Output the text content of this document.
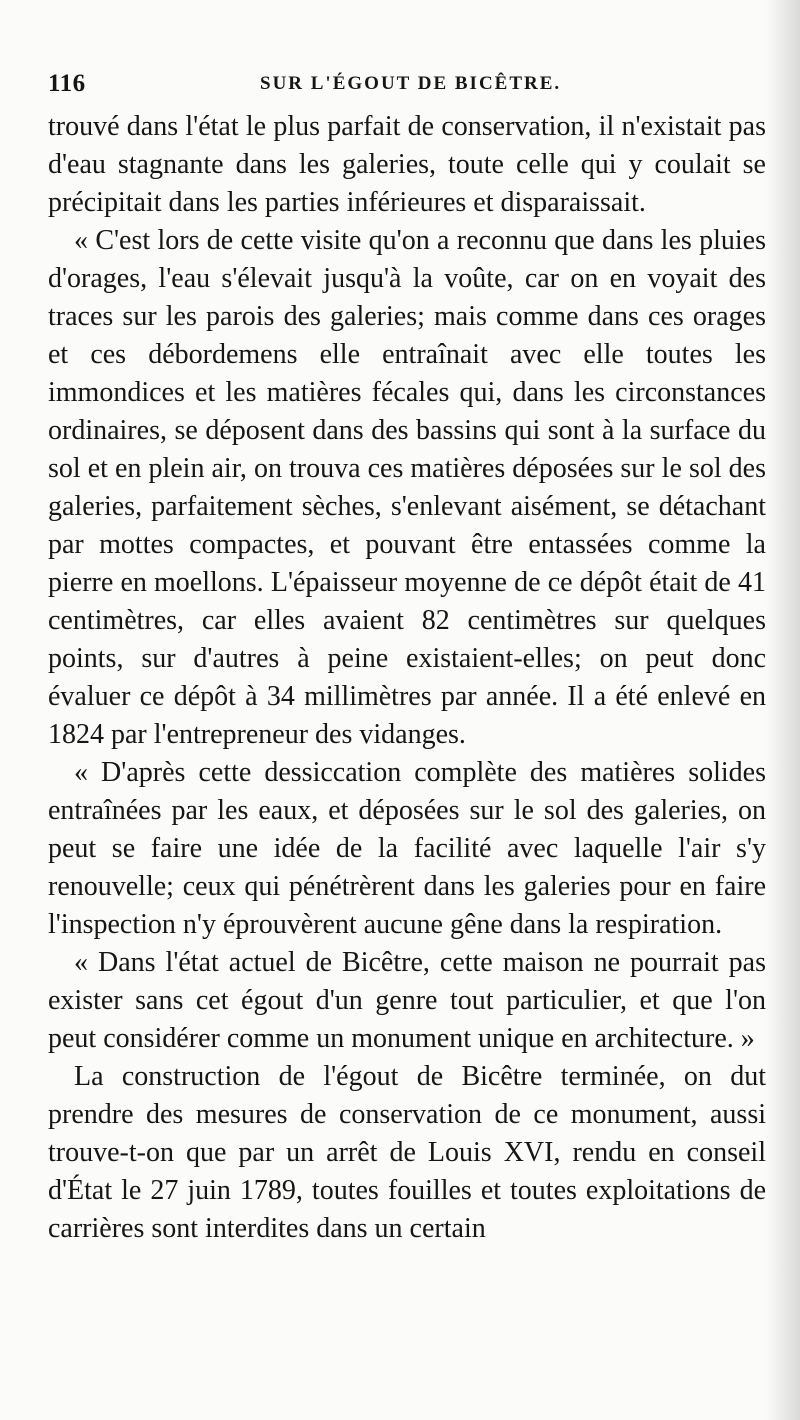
116	SUR L'ÉGOUT DE BICÊTRE.

trouvé dans l'état le plus parfait de conservation, il n'existait pas d'eau stagnante dans les galeries, toute celle qui y coulait se précipitait dans les parties inférieures et disparaissait.

« C'est lors de cette visite qu'on a reconnu que dans les pluies d'orages, l'eau s'élevait jusqu'à la voûte, car on en voyait des traces sur les parois des galeries; mais comme dans ces orages et ces débordemens elle entraînait avec elle toutes les immondices et les matières fécales qui, dans les circonstances ordinaires, se déposent dans des bassins qui sont à la surface du sol et en plein air, on trouva ces matières déposées sur le sol des galeries, parfaitement sèches, s'enlevant aisément, se détachant par mottes compactes, et pouvant être entassées comme la pierre en moellons. L'épaisseur moyenne de ce dépôt était de 41 centimètres, car elles avaient 82 centimètres sur quelques points, sur d'autres à peine existaient-elles; on peut donc évaluer ce dépôt à 34 millimètres par année. Il a été enlevé en 1824 par l'entrepreneur des vidanges.

« D'après cette dessiccation complète des matières solides entraînées par les eaux, et déposées sur le sol des galeries, on peut se faire une idée de la facilité avec laquelle l'air s'y renouvelle; ceux qui pénétrèrent dans les galeries pour en faire l'inspection n'y éprouvèrent aucune gêne dans la respiration.

« Dans l'état actuel de Bicêtre, cette maison ne pourrait pas exister sans cet égout d'un genre tout particulier, et que l'on peut considérer comme un monument unique en architecture. »

La construction de l'égout de Bicêtre terminée, on dut prendre des mesures de conservation de ce monument, aussi trouve-t-on que par un arrêt de Louis XVI, rendu en conseil d'État le 27 juin 1789, toutes fouilles et toutes exploitations de carrières sont interdites dans un certain
